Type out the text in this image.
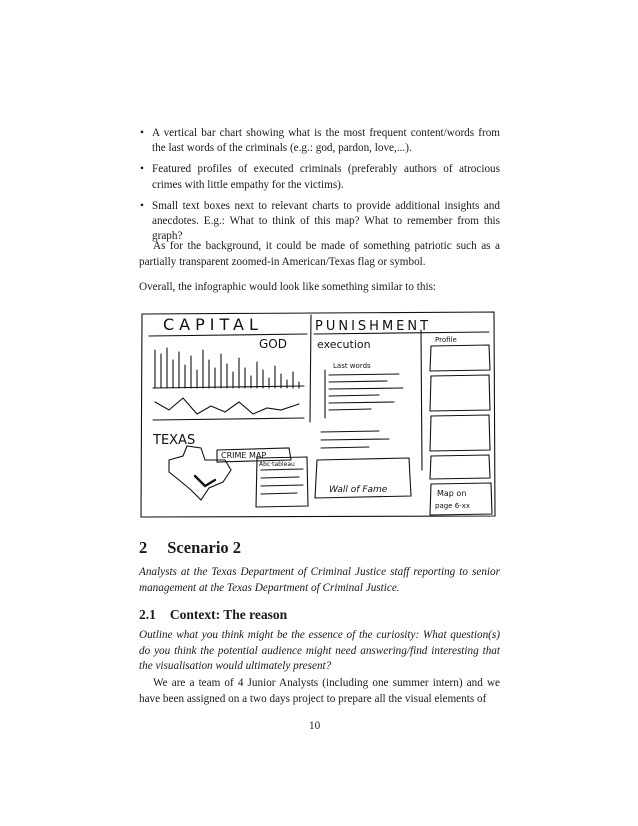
• A vertical bar chart showing what is the most frequent content/words from the last words of the criminals (e.g.: god, pardon, love,...).
• Featured profiles of executed criminals (preferably authors of atrocious crimes with little empathy for the victims).
• Small text boxes next to relevant charts to provide additional insights and anecdotes. E.g.: What to think of this map? What to remember from this graph?
As for the background, it could be made of something patriotic such as a partially transparent zoomed-in American/Texas flag or symbol.
Overall, the infographic would look like something similar to this:
CAPITAL	PUNISHMENT
GOD	execution
Last words
TEXAS
CRIME MAP
Wall of Fame	Map on
page 6-xx
Abc·tableau
Profile
2 Scenario 2
Analysts at the Texas Department of Criminal Justice staff reporting to senior management at the Texas Department of Criminal Justice.
2.1 Context: The reason
Outline what you think might be the essence of the curiosity: What question(s) do you think the potential audience might need answering/find interesting that the visualisation would ultimately present?
We are a team of 4 Junior Analysts (including one summer intern) and we have been assigned on a two days project to prepare all the visual elements of
10
